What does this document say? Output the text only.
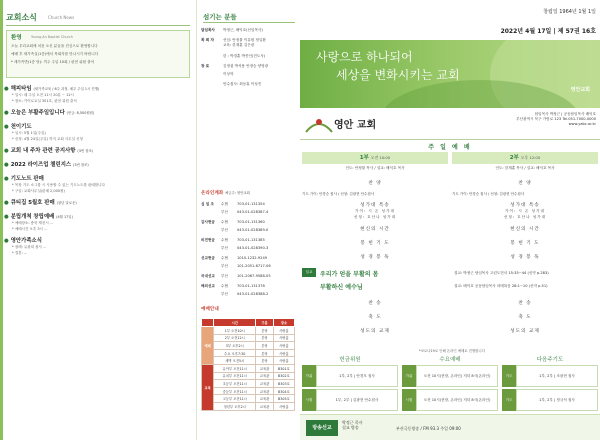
교회소식	Church News
환영	Young-An Baptist Church

오늘 우리교회에 처음 오신 분들을 진심으로 환영합니다

예배 후 새가족실(1층)에서 목회자를 만나시기 바랍니다

* 새가족반(1층 당): 격주 주일 10회 / 판현 위원 출석

● 해피타임 (새가족교육 / 6주 과정, 매주 주일 1시 진행)
* 일시: 매 주일 오전 11시 20분 ~ 12시
* 장소: 카이로교실 301호, 판현 위원 출석
● 오늘은 부활주일입니다 (헌금: 8,500원원)
● 천이기도
* 일시: 5월 1일(주일)
* 신청: 4월 24일(주일) 까지 교회 사무실 신청
● 교회 내 주차 관련 공지사항 (3번 참조)
● 2022 라이즈업 챌린지스 (3번 참조)
● 기도노트 판매
* 목장 기도 소그룹 시 사용할 수 있는 기도노트를 판매합니다
* 구입: 교회사무실(판매 2,000원)
● 큐티집 5월호 판매 (청년 알로운)
● 분립개척 창립예배 (4월 17일)
* 예배장소: 충북 제천시 ...
* 예배시간 오후 3시 ...
● 영안가족소식
* 장례: 유광희 집사 ...
* 결혼: ...
섬기는 분들
담임목사 박정근, 배익호(선임목사)
목 회 자	선임: 안정률 이유원 정일환
교육: 한재훈 김은광
한 : 박경훈 박종인(전도사)
장 로	김정섭 박석용 안정승 양영광
이상학
안수집사: 최동휴 이성진
온라인계좌 예금주: 영안교회
십 일 조 수협	703-01-131354
부산	043-01-028387-4
감사헌금 수협	703-01-131360
부산	043-01-028389-0
비전헌금 수협	703-01-131385
부산	043-01-028390-3
선교헌금 수협	1010-1232-9249
부산	101-2051-6717-06
국내선교 부산	101-2067-9588-05
해외선교 수협	703-01-131378
부산	043-01-028388-2
예배안내
	시간	구분	장소
예배	1부 오전10시	본당	사랑홀
	2부 오전12시	본당	사랑홀
	3부 오후2시	본당	사랑홀
	수요 오후7:30	본당	사랑홀
	새벽 오전5시	본당	사랑홀
교육	유아부 오전11시	교육관	B301호
	유치부 오전11시	교육관	B302호
	초등부 오전11시	교육관	B303호
	중등부 오전11시	교육관	B304호
	고등부 오전11시	교육관	B305호
	청년부 오후2시	교육관	사랑홀
창립일 1964년 1월 1일
2022년 4월 17일 | 제 57권 16호
사랑으로 하나되어
세상을 변화시키는 교회
영안교회
영안 교회
담임목사 박정근 | 공동담임목사 배익호
부산광역시 북구 가람로 123 Tel.051-7000-0000
www.yabc.or.kr
주 일 예 배
1부 오전 10:00
인도: 안정률 목사 / 설교: 배익호 목사
2부 오후 12:00
인도: 한재훈 목사 / 설교: 배익호 목사
찬 양
기도 가이: 안경승 집사 / 선청: 김광현 안수집사
성가대 특송
가이: 시 온 성가대
선청: 호산나 성가대
현신의 시간
봉 헌 기 도
성 경 봉 독
찬 양
기도 가이: 안경승 집사 / 선청: 김광현 안수집사
성가대 특송
가이: 시 온 성가대
선청: 호산나 성가대
현신의 시간
봉 헌 기 도
성 경 봉 독
설교	우리가 얻을 부활의 몸	설교: 박정근 담임목사 고린도전서 15:35~44 (신약 p.283)
부활하신 예수님	설교: 배익호 공동담임목사 마태복음 28:1~10 (신약 p.51)
찬 송
축 도
성도의 교제
찬 송
축 도
성도의 교제
*코로나19로 인해 온라인 예배로 진행합니다
헌금위원
가위	1부, 2부 | 안경모 집사
시원	1부, 2부 | 김광현 안수집사
수요예배
가위	오전 10시(현장, 온라인) 저녁 8시(온라인)
시원	오전 10시(현장, 온라인) 저녁 8시(온라인)
다음주기도
기도	1부, 2부 | 조광현 집사
기도	1부, 2부 | 정규석 집사
방송선교
박정근 목사
설교 방송	부산극동방송 / FM 93.3 주일 09:00
